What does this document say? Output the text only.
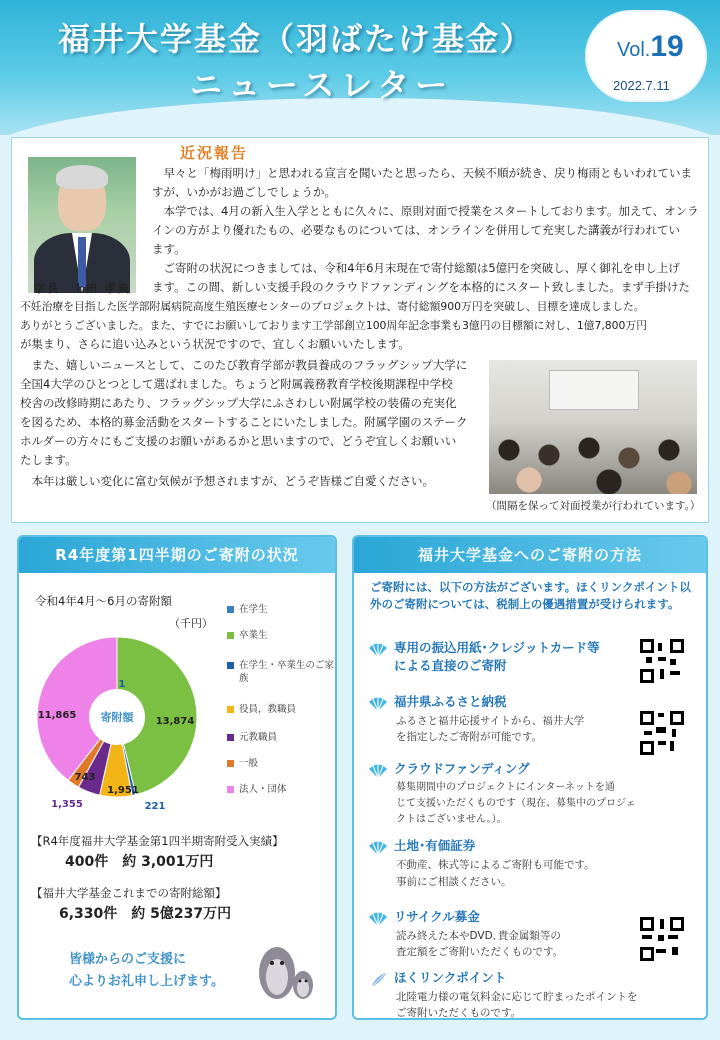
福井大学基金（羽ばたけ基金）
ニュースレター
Vol.19
2022.7.11
近況報告
学長　上田 孝典
　早々と「梅雨明け」と思われる宣言を聞いたと思ったら、天候不順が続き、戻り梅雨ともいわれていま
すが、いかがお過ごしでしょうか。
　本学では、4月の新入生入学とともに久々に、原則対面で授業をスタートしております。加えて、オンラ
インの方がより優れたもの、必要なものについては、オンラインを併用して充実した講義が行われてい
ます。
　ご寄附の状況につきましては、令和4年6月末現在で寄付総額は5億円を突破し、厚く御礼を申し上げ
ます。この間、新しい支援手段のクラウドファンディングを本格的にスタート致しました。まず手掛けた
不妊治療を目指した医学部附属病院高度生殖医療センターのプロジェクトは、寄付総額900万円を突破し、目標を達成しました。
ありがとうございました。また、すでにお願いしております工学部創立100周年記念事業も3億円の目標額に対し、1億7,800万円
が集まり、さらに追い込みという状況ですので、宜しくお願いいたします。
　また、嬉しいニュースとして、このたび教育学部が教員養成のフラッグシップ大学に
全国4大学のひとつとして選ばれました。ちょうど附属義務教育学校後期課程中学校
校舎の改修時期にあたり、フラッグシップ大学にふさわしい附属学校の装備の充実化
を図るため、本格的募金活動をスタートすることにいたしました。附属学園のステーク
ホルダーの方々にもご支援のお願いがあるかと思いますので、どうぞ宜しくお願いい
たします。
　本年は厳しい変化に富む気候が予想されますが、どうぞ皆様ご自愛ください。
（間隔を保って対面授業が行われています。）
R4年度第1四半期のご寄附の状況
令和4年4月～6月の寄附額
（千円）
寄附額
1
13,874
221
1,951
1,355
743
11,865
在学生
卒業生
在学生・卒業生のご家族
役員，教職員
元教職員
一般
法人・団体
【R4年度福井大学基金第1四半期寄附受入実績】
400件　約 3,001万円
【福井大学基金これまでの寄附総額】
6,330件　約 5億237万円
皆様からのご支援に
心よりお礼申し上げます。
福井大学基金へのご寄附の方法
ご寄附には、以下の方法がございます。ほくリンクポイント以外のご寄附については、税制上の優遇措置が受けられます。
専用の振込用紙･クレジットカード等
による直接のご寄附
福井県ふるさと納税
ふるさと福井応援サイトから、福井大学
を指定したご寄附が可能です。
クラウドファンディング
募集期間中のプロジェクトにインターネットを通
じて支援いただくものです（現在、募集中のプロジェ
クトはございません。）。
土地･有価証券
不動産、株式等によるご寄附も可能です。
事前にご相談ください。
リサイクル募金
読み終えた本やDVD､貴金属類等の
査定額をご寄附いただくものです。
ほくリンクポイント
北陸電力様の電気料金に応じて貯まったポイントを
ご寄附いただくものです。
